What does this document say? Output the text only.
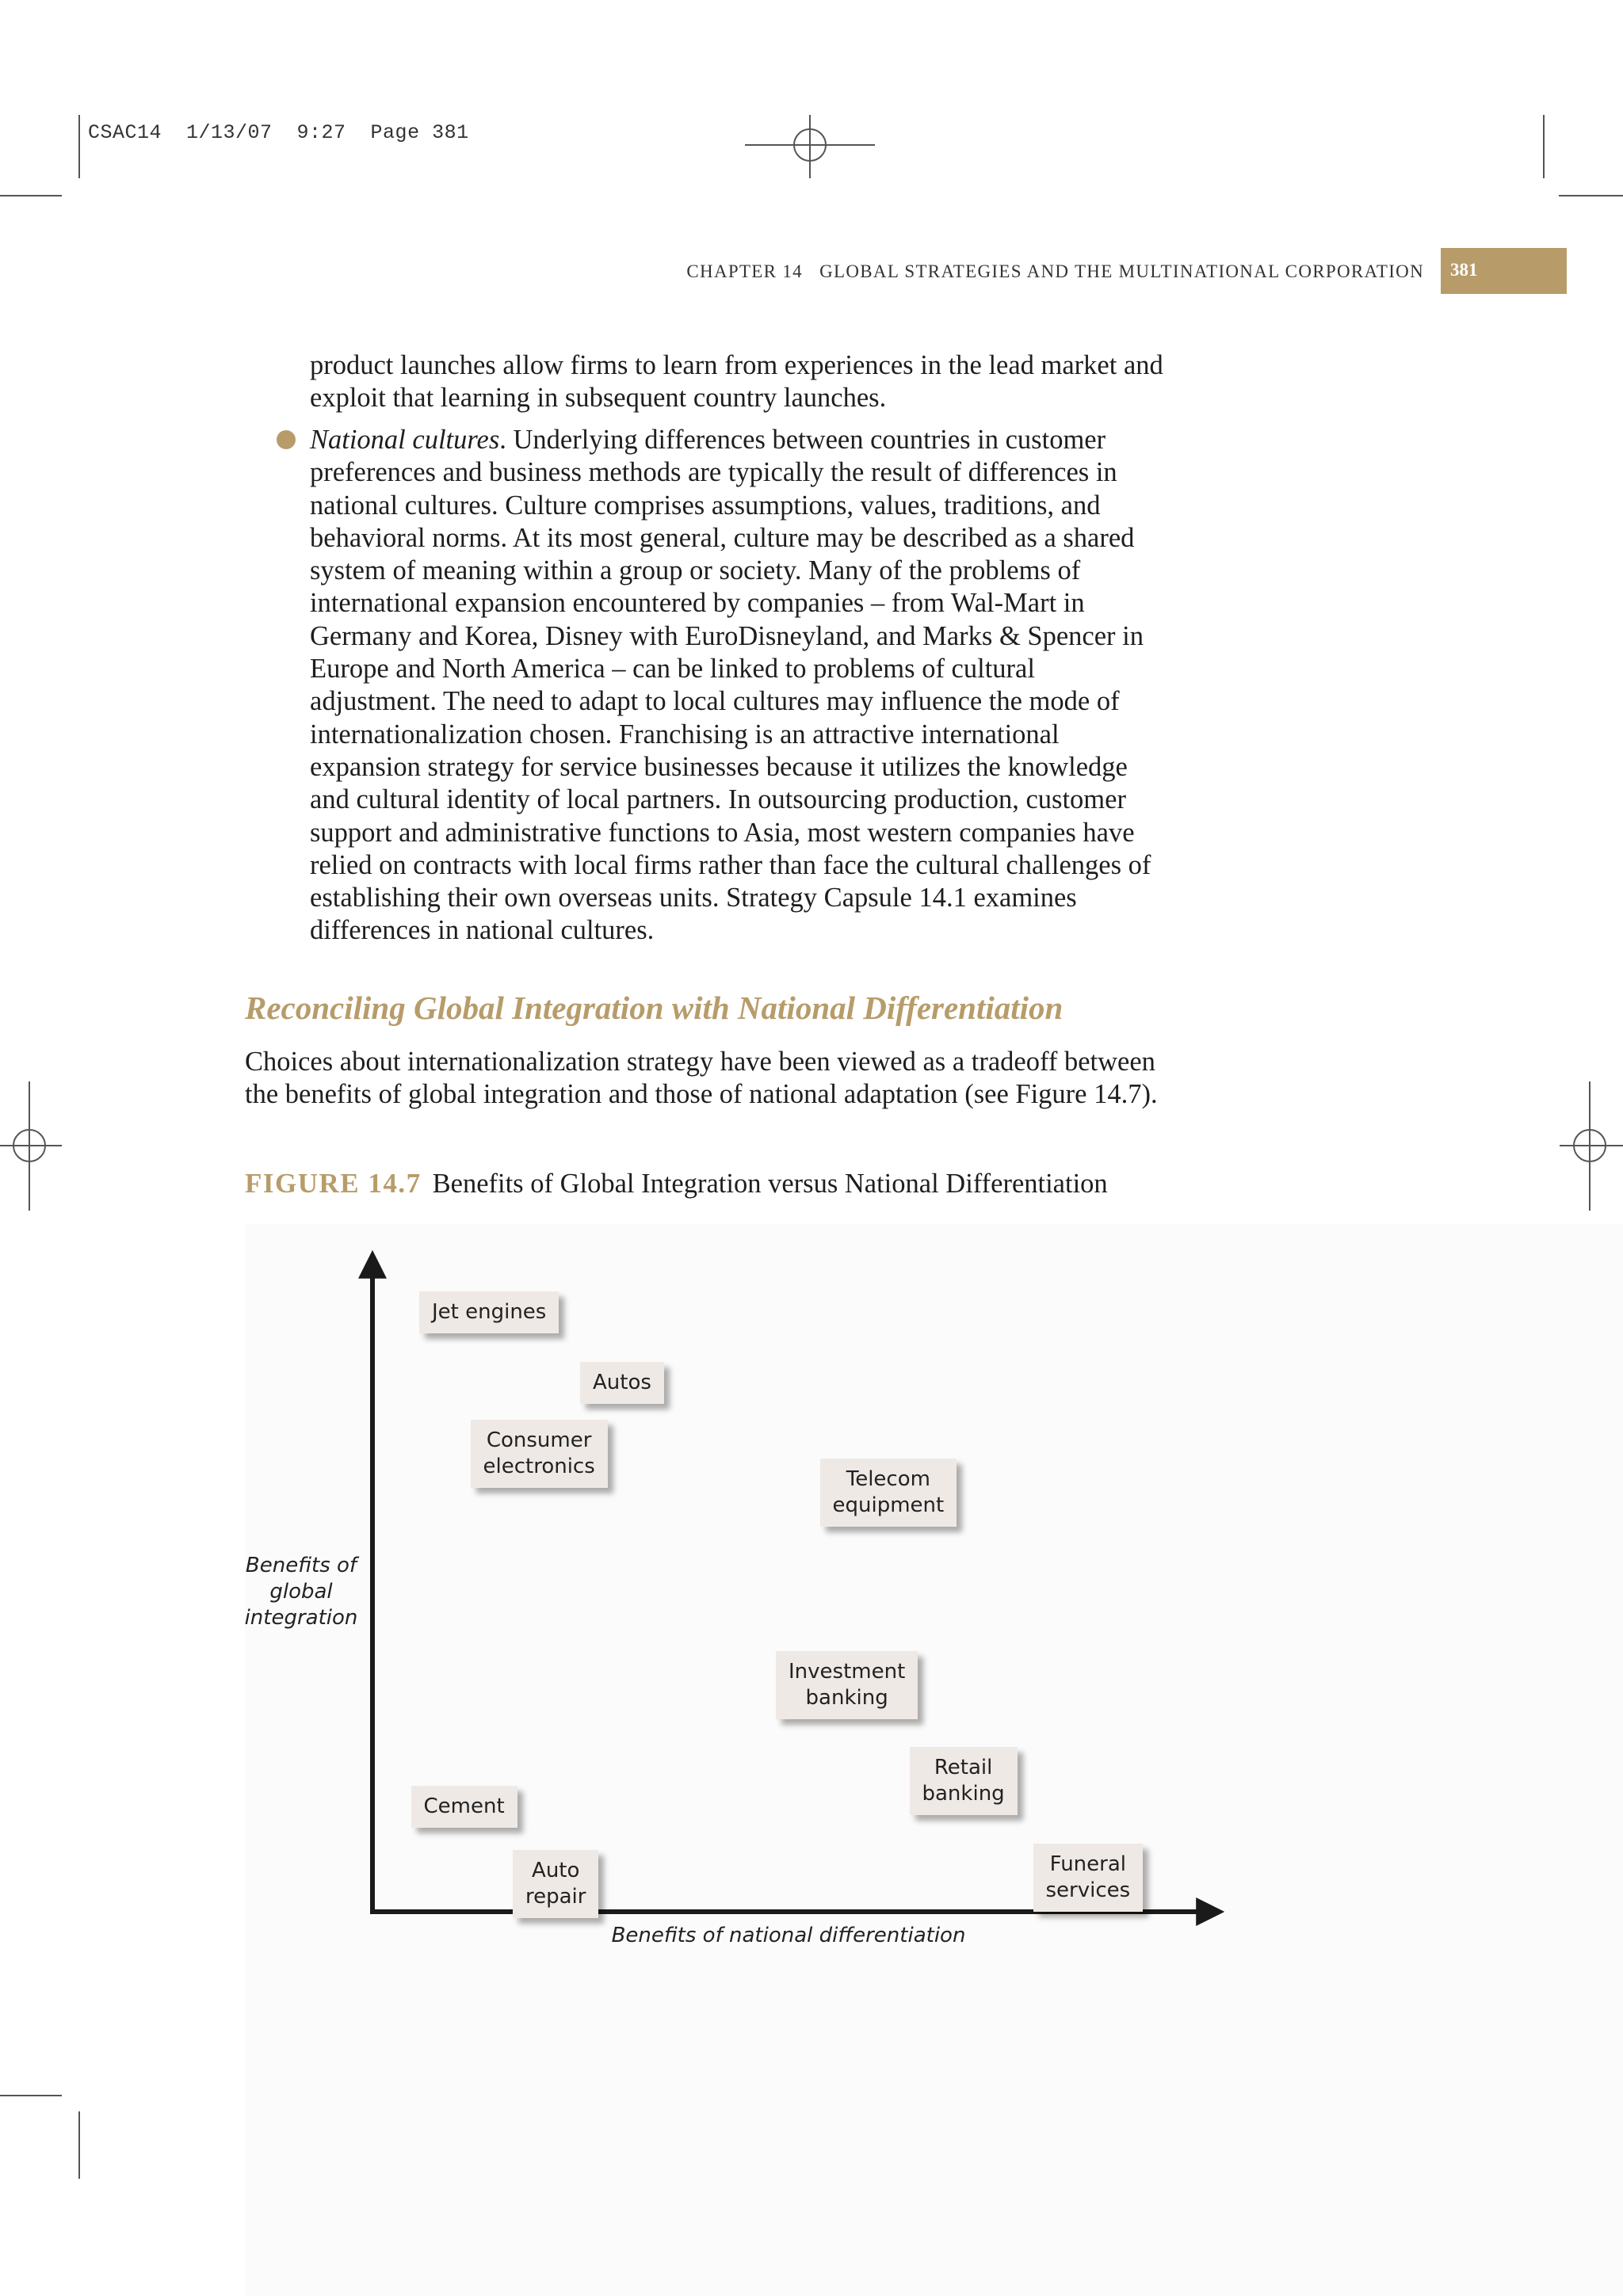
CSAC14  1/13/07  9:27  Page 381
CHAPTER 14 GLOBAL STRATEGIES AND THE MULTINATIONAL CORPORATION 381
product launches allow firms to learn from experiences in the lead market and
exploit that learning in subsequent country launches.
National cultures. Underlying differences between countries in customer
preferences and business methods are typically the result of differences in
national cultures. Culture comprises assumptions, values, traditions, and
behavioral norms. At its most general, culture may be described as a shared
system of meaning within a group or society. Many of the problems of
international expansion encountered by companies – from Wal-Mart in
Germany and Korea, Disney with EuroDisneyland, and Marks & Spencer in
Europe and North America – can be linked to problems of cultural
adjustment. The need to adapt to local cultures may influence the mode of
internationalization chosen. Franchising is an attractive international
expansion strategy for service businesses because it utilizes the knowledge
and cultural identity of local partners. In outsourcing production, customer
support and administrative functions to Asia, most western companies have
relied on contracts with local firms rather than face the cultural challenges of
establishing their own overseas units. Strategy Capsule 14.1 examines
differences in national cultures.
Reconciling Global Integration with National Differentiation
Choices about internationalization strategy have been viewed as a tradeoff between
the benefits of global integration and those of national adaptation (see Figure 14.7).
FIGURE 14.7 Benefits of Global Integration versus National Differentiation
Benefits of
global
integration
Benefits of national differentiation
Jet engines
Autos
Consumer
electronics
Telecom
equipment
Investment
banking
Retail
banking
Cement
Auto
repair
Funeral
services
